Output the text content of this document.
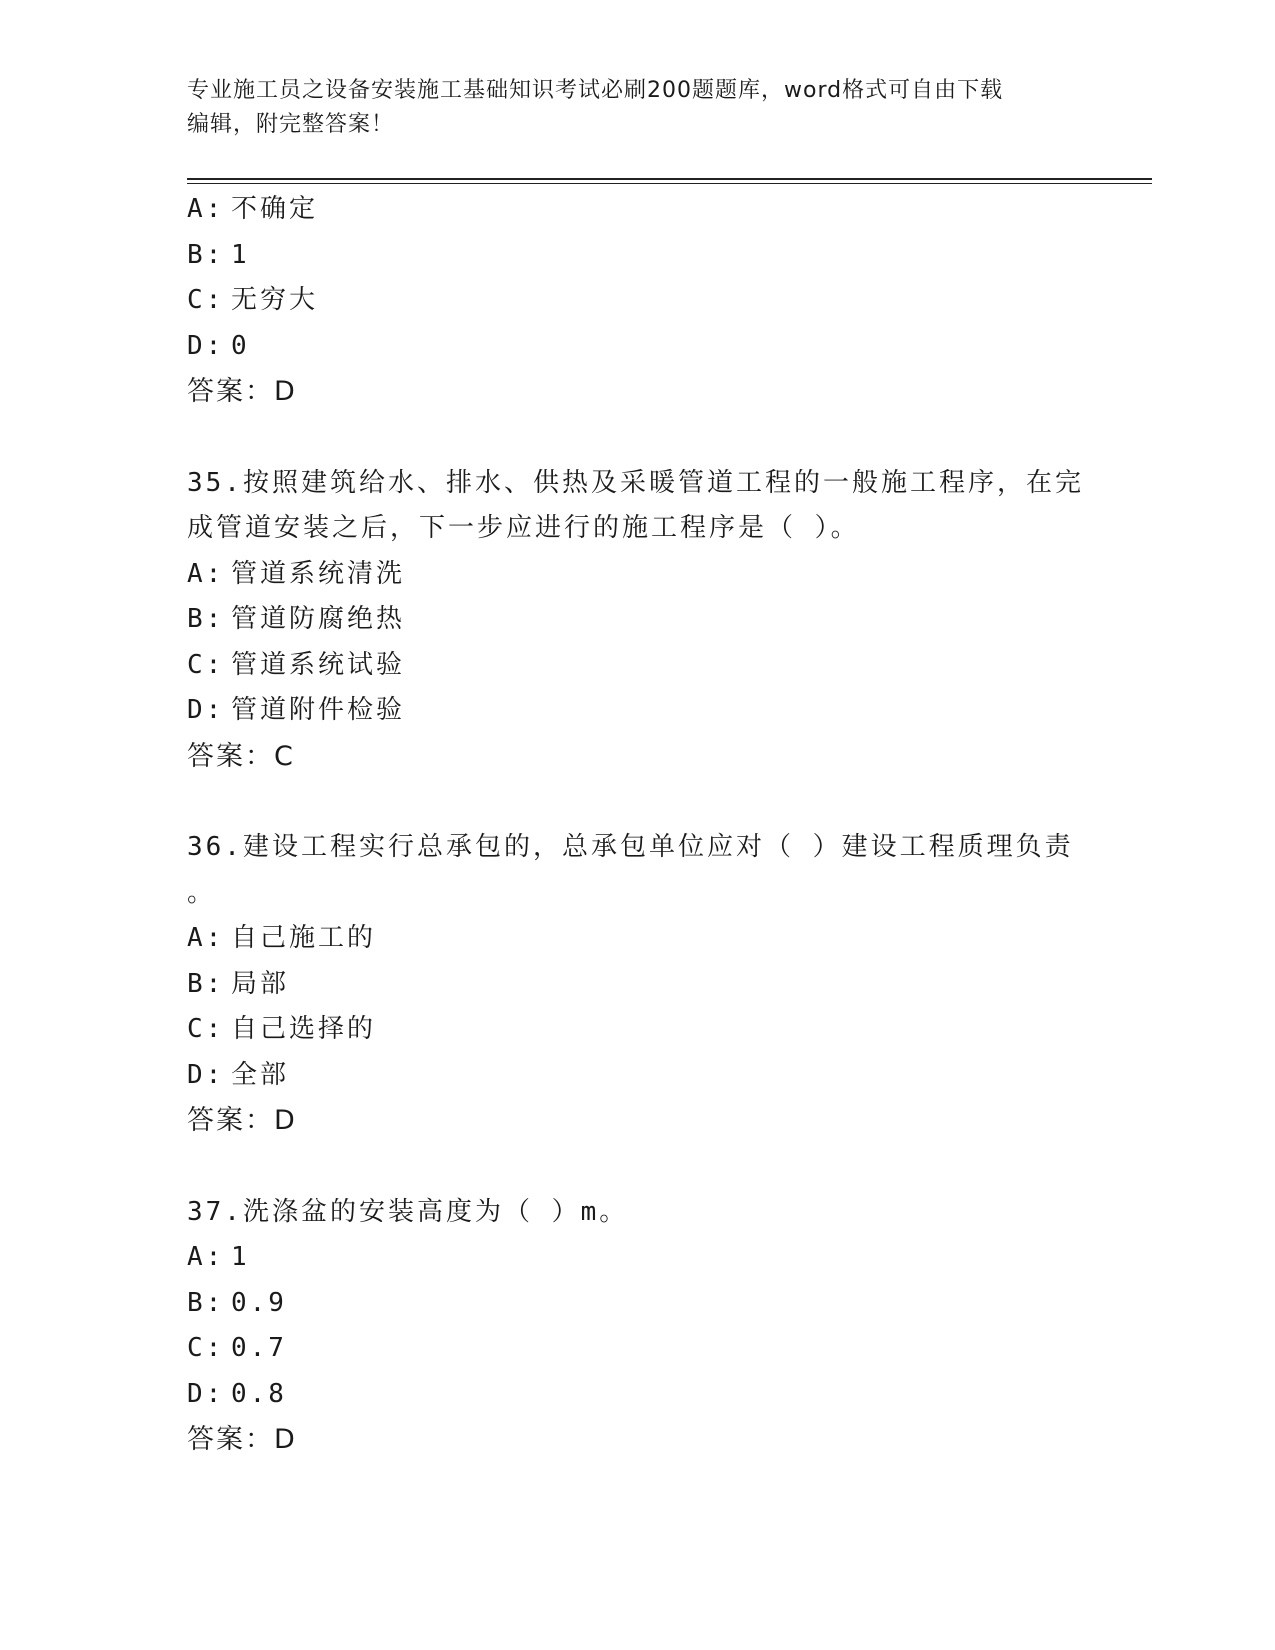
专业施工员之设备安装施工基础知识考试必刷200题题库，word格式可自由下载
编辑，附完整答案！
A: 不确定
B: 1
C: 无穷大
D: 0
答案：D
35.按照建筑给水、排水、供热及采暖管道工程的一般施工程序，在完
成管道安装之后，下一步应进行的施工程序是（ ）。
A: 管道系统清洗
B: 管道防腐绝热
C: 管道系统试验
D: 管道附件检验
答案：C
36.建设工程实行总承包的，总承包单位应对（ ）建设工程质理负责
。
A: 自己施工的
B: 局部
C: 自己选择的
D: 全部
答案：D
37.洗涤盆的安装高度为（ ）m。
A: 1
B: 0.9
C: 0.7
D: 0.8
答案：D
